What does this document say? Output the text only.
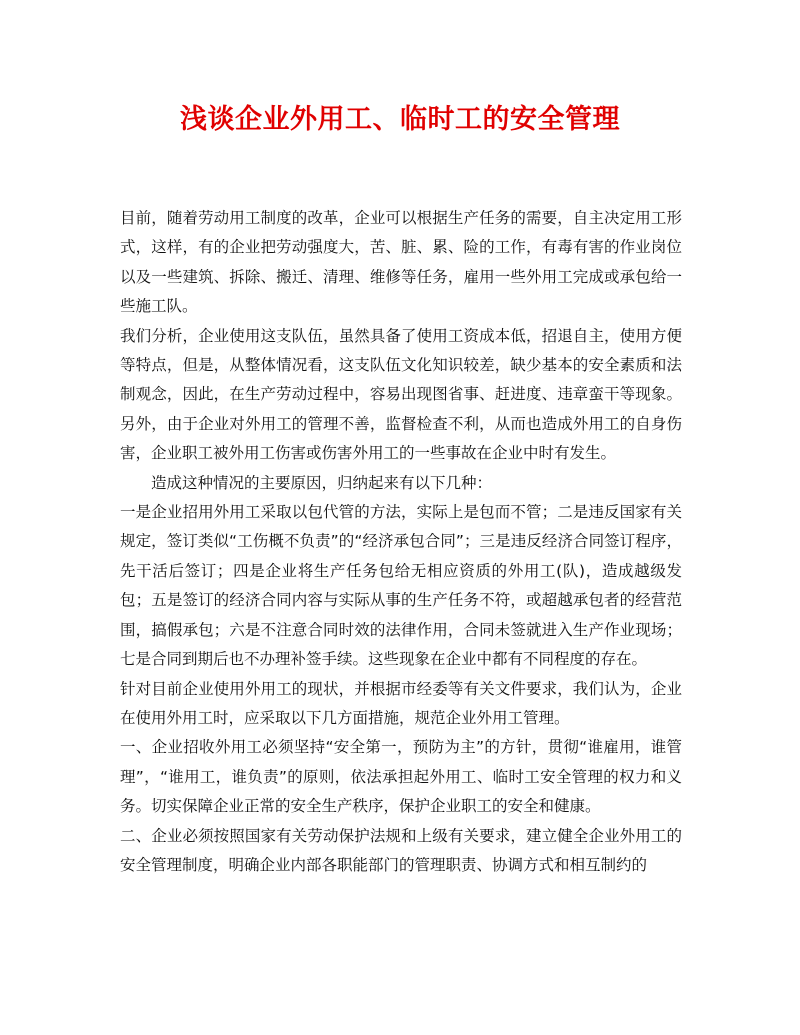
浅谈企业外用工、临时工的安全管理

目前，随着劳动用工制度的改革，企业可以根据生产任务的需要，自主决定用工形式，这样，有的企业把劳动强度大，苦、脏、累、险的工作，有毒有害的作业岗位以及一些建筑、拆除、搬迁、清理、维修等任务，雇用一些外用工完成或承包给一些施工队。

我们分析，企业使用这支队伍，虽然具备了使用工资成本低，招退自主，使用方便等特点，但是，从整体情况看，这支队伍文化知识较差，缺少基本的安全素质和法制观念，因此，在生产劳动过程中，容易出现图省事、赶进度、违章蛮干等现象。另外，由于企业对外用工的管理不善，监督检查不利，从而也造成外用工的自身伤害，企业职工被外用工伤害或伤害外用工的一些事故在企业中时有发生。

　　造成这种情况的主要原因，归纳起来有以下几种：

一是企业招用外用工采取以包代管的方法，实际上是包而不管；二是违反国家有关规定，签订类似“工伤概不负责”的“经济承包合同”；三是违反经济合同签订程序，先干活后签订；四是企业将生产任务包给无相应资质的外用工(队)，造成越级发包；五是签订的经济合同内容与实际从事的生产任务不符，或超越承包者的经营范围，搞假承包；六是不注意合同时效的法律作用，合同未签就进入生产作业现场；七是合同到期后也不办理补签手续。这些现象在企业中都有不同程度的存在。

针对目前企业使用外用工的现状，并根据市经委等有关文件要求，我们认为，企业在使用外用工时，应采取以下几方面措施，规范企业外用工管理。

一、企业招收外用工必须坚持“安全第一，预防为主”的方针，贯彻“谁雇用，谁管理”，“谁用工，谁负责”的原则，依法承担起外用工、临时工安全管理的权力和义务。切实保障企业正常的安全生产秩序，保护企业职工的安全和健康。

二、企业必须按照国家有关劳动保护法规和上级有关要求，建立健全企业外用工的安全管理制度，明确企业内部各职能部门的管理职责、协调方式和相互制约的
